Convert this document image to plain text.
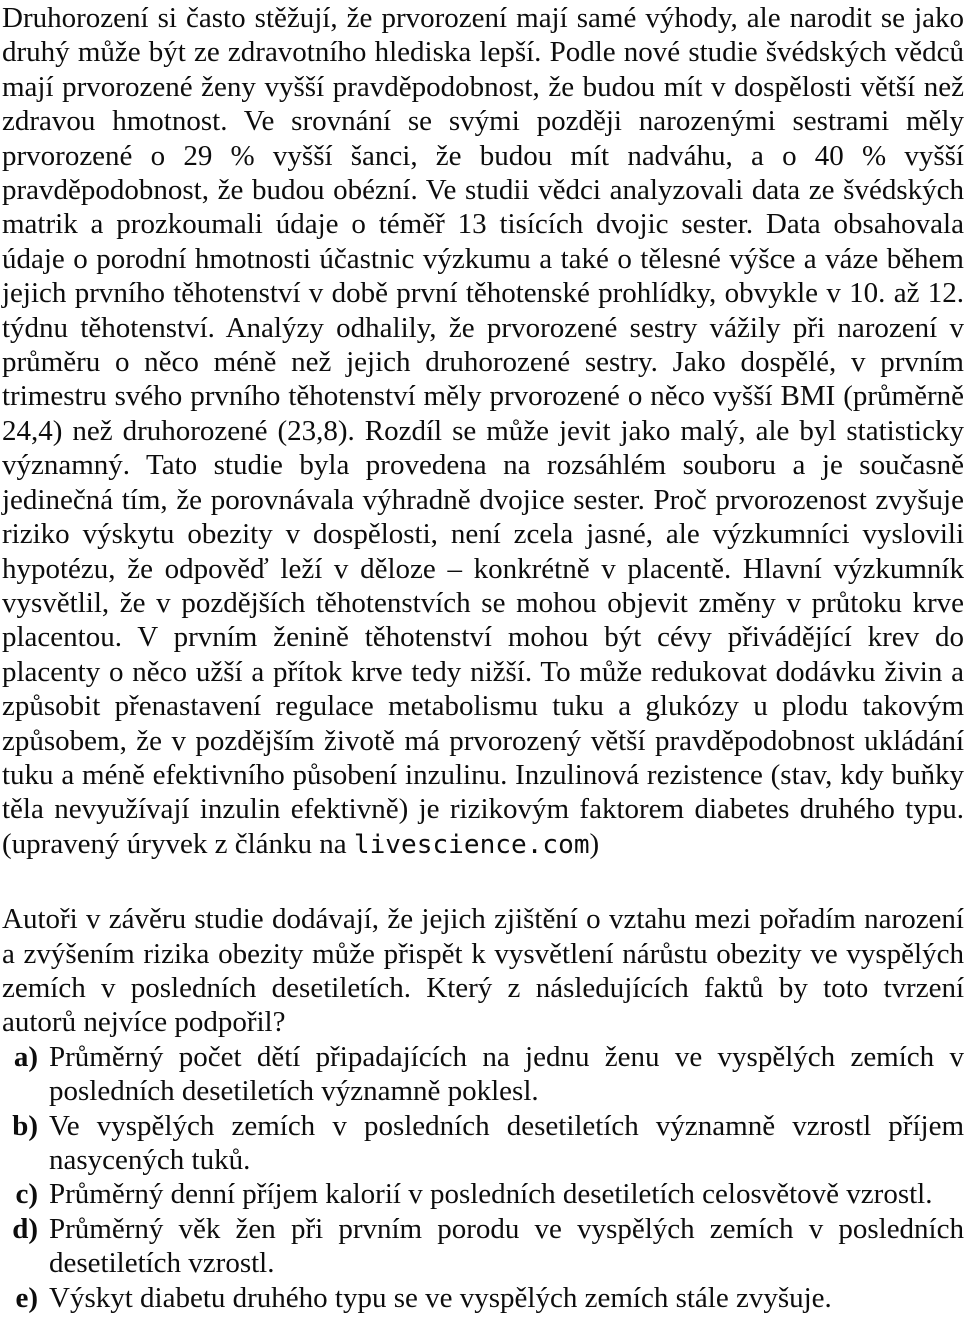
Druhorození si často stěžují, že prvorození mají samé výhody, ale narodit se jako druhý může být ze zdravotního hlediska lepší. Podle nové studie švédských vědců mají prvorozené ženy vyšší pravděpodobnost, že budou mít v dospělosti větší než zdravou hmotnost. Ve srovnání se svými později narozenými sestrami měly prvorozené o 29 % vyšší šanci, že budou mít nadváhu, a o 40 % vyšší pravděpodobnost, že budou obézní. Ve studii vědci analyzovali data ze švédských matrik a prozkoumali údaje o téměř 13 tisících dvojic sester. Data obsahovala údaje o porodní hmotnosti účastnic výzkumu a také o tělesné výšce a váze během jejich prvního těhotenství v době první těhotenské prohlídky, obvykle v 10. až 12. týdnu těhotenství. Analýzy odhalily, že prvorozené sestry vážily při narození v průměru o něco méně než jejich druhorozené sestry. Jako dospělé, v prvním trimestru svého prvního těhotenství měly prvorozené o něco vyšší BMI (průměrně 24,4) než druhorozené (23,8). Rozdíl se může jevit jako malý, ale byl statisticky významný. Tato studie byla provedena na rozsáhlém souboru a je současně jedinečná tím, že porovnávala výhradně dvojice sester. Proč prvorozenost zvyšuje riziko výskytu obezity v dospělosti, není zcela jasné, ale výzkumníci vyslovili hypotézu, že odpověď leží v děloze – konkrétně v placentě. Hlavní výzkumník vysvětlil, že v pozdějších těhotenstvích se mohou objevit změny v průtoku krve placentou. V prvním ženině těhotenství mohou být cévy přivádějící krev do placenty o něco užší a přítok krve tedy nižší. To může redukovat dodávku živin a způsobit přenastavení regulace metabolismu tuku a glukózy u plodu takovým způsobem, že v pozdějším životě má prvorozený větší pravděpodobnost ukládání tuku a méně efektivního působení inzulinu. Inzulinová rezistence (stav, kdy buňky těla nevyužívají inzulin efektivně) je rizikovým faktorem diabetes druhého typu. (upravený úryvek z článku na livescience.com)

Autoři v závěru studie dodávají, že jejich zjištění o vztahu mezi pořadím narození a zvýšením rizika obezity může přispět k vysvětlení nárůstu obezity ve vyspělých zemích v posledních desetiletích. Který z následujících faktů by toto tvrzení autorů nejvíce podpořil?

a) Průměrný počet dětí připadajících na jednu ženu ve vyspělých zemích v posledních desetiletích významně poklesl.
b) Ve vyspělých zemích v posledních desetiletích významně vzrostl příjem nasycených tuků.
c) Průměrný denní příjem kalorií v posledních desetiletích celosvětově vzrostl.
d) Průměrný věk žen při prvním porodu ve vyspělých zemích v posledních desetiletích vzrostl.
e) Výskyt diabetu druhého typu se ve vyspělých zemích stále zvyšuje.
